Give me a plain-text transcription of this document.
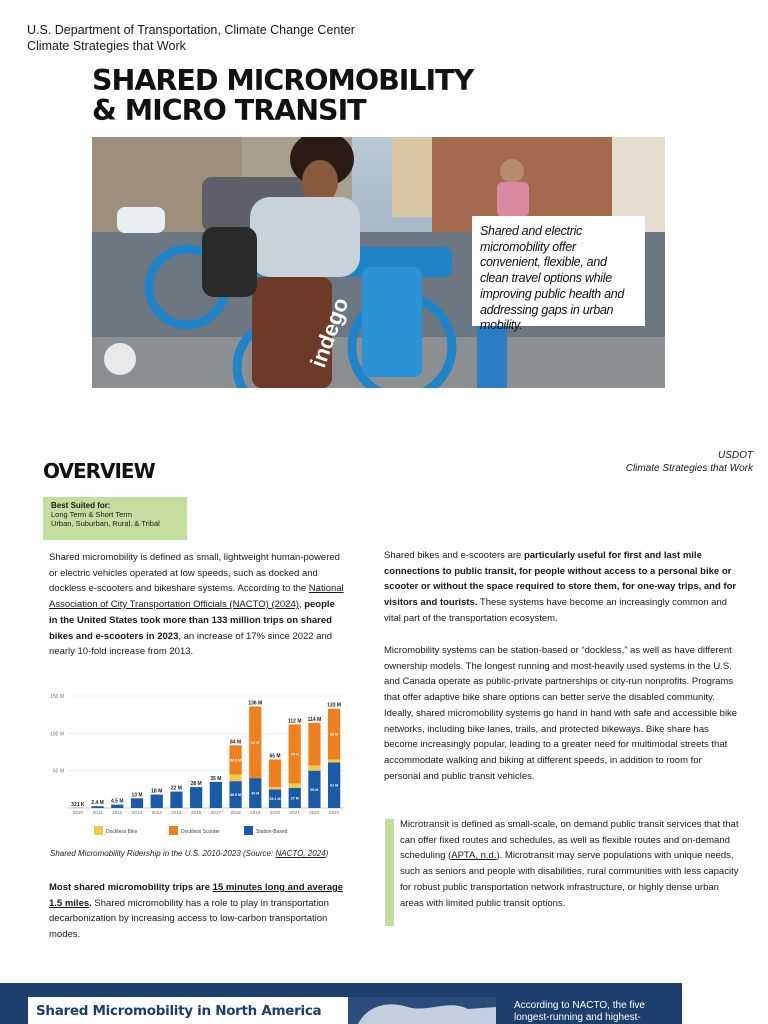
U.S. Department of Transportation, Climate Change Center
Climate Strategies that Work
SHARED MICROMOBILITY
& MICRO TRANSIT
indego
Shared and electric micromobility offer convenient, flexible, and clean travel options while improving public health and addressing gaps in urban mobility.
OVERVIEW
USDOT
Climate Strategies that Work
Best Suited for:
Long Term & Short Term
Urban, Suburban, Rural, & Tribal
Shared micromobility is defined as small, lightweight human-powered or electric vehicles operated at low speeds, such as docked and dockless e-scooters and bikeshare systems. According to the National Association of City Transportation Officials (NACTO) (2024), people in the United States took more than 133 million trips on shared bikes and e-scooters in 2023, an increase of 17% since 2022 and nearly 10-fold increase from 2013.
150 M
100 M
50 M
321 K
2010
2.4 M
2011
4.5 M
2012
13 M
2013
18 M
2014
22 M
2015
28 M
2016
35 M
2017
36.5 M
38.5 M
84 M
2018
40 M
86 M
136 M
2019
25.1 M
65 M
2020
27 M
79 M
112 M
2021
50 M
114 M
2022
61 M
68 M
133 M
2023
Dockless Bike	Dockless Scooter	Station-Based
Shared Micromobility Ridership in the U.S. 2010-2023 (Source: NACTO, 2024)
Most shared micromobility trips are 15 minutes long and average 1.5 miles. Shared micromobility has a role to play in transportation decarbonization by increasing access to low-carbon transportation modes.
Shared bikes and e-scooters are particularly useful for first and last mile connections to public transit, for people without access to a personal bike or scooter or without the space required to store them, for one-way trips, and for visitors and tourists. These systems have become an increasingly common and vital part of the transportation ecosystem.
Micromobility systems can be station-based or “dockless,” as well as have different ownership models. The longest running and most-heavily used systems in the U.S. and Canada operate as public-private partnerships or city-run nonprofits. Programs that offer adaptive bike share options can better serve the disabled community. Ideally, shared micromobility systems go hand in hand with safe and accessible bike networks, including bike lanes, trails, and protected bikeways. Bike share has become increasingly popular, leading to a greater need for multimodal streets that accommodate walking and biking at different speeds, in addition to room for personal and public transit vehicles.
Microtransit is defined as small-scale, on demand public transit services that that can offer fixed routes and schedules, as well as flexible routes and on-demand scheduling (APTA, n.d.). Microtransit may serve populations with unique needs, such as seniors and people with disabilities, rural communities with less capacity for robust public transportation network infrastructure, or highly dense urban areas with limited public transit options.
Shared Micromobility in North America	According to NACTO, the five longest-running and highest-
